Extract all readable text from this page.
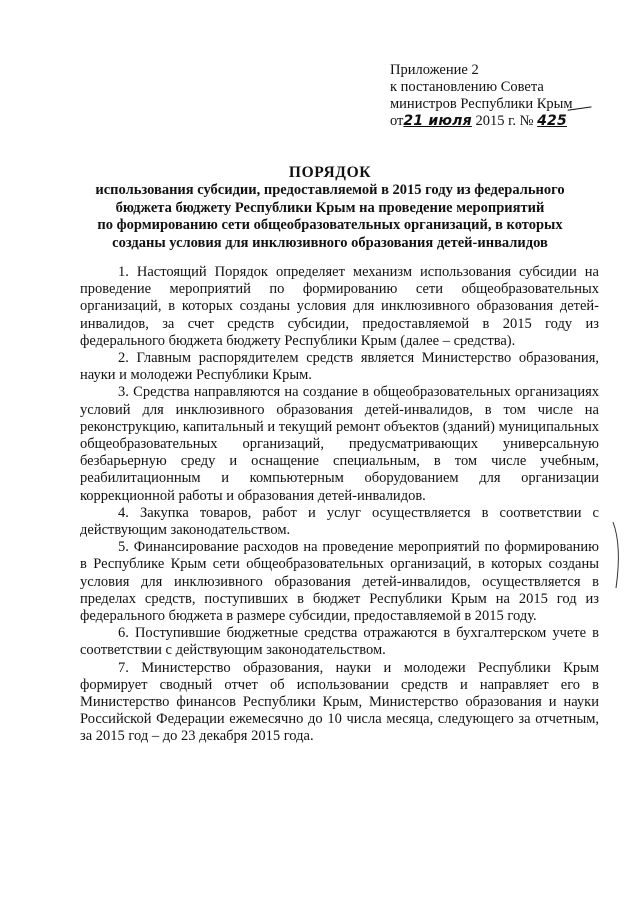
Приложение 2
к постановлению Совета
министров Республики Крым
от21 июля 2015 г. № 425
ПОРЯДОК
использования субсидии, предоставляемой в 2015 году из федерального
бюджета бюджету Республики Крым на проведение мероприятий
по формированию сети общеобразовательных организаций, в которых
созданы условия для инклюзивного образования детей-инвалидов

1. Настоящий Порядок определяет механизм использования субсидии на проведение мероприятий по формированию сети общеобразовательных организаций, в которых созданы условия для инклюзивного образования детей-инвалидов, за счет средств субсидии, предоставляемой в 2015 году из федерального бюджета бюджету Республики Крым (далее – средства).

2. Главным распорядителем средств является Министерство образования, науки и молодежи Республики Крым.

3. Средства направляются на создание в общеобразовательных организациях условий для инклюзивного образования детей-инвалидов, в том числе на реконструкцию, капитальный и текущий ремонт объектов (зданий) муниципальных общеобразовательных организаций, предусматривающих универсальную безбарьерную среду и оснащение специальным, в том числе учебным, реабилитационным и компьютерным оборудованием для организации коррекционной работы и образования детей-инвалидов.

4. Закупка товаров, работ и услуг осуществляется в соответствии с действующим законодательством.

5. Финансирование расходов на проведение мероприятий по формированию в Республике Крым сети общеобразовательных организаций, в которых созданы условия для инклюзивного образования детей-инвалидов, осуществляется в пределах средств, поступивших в бюджет Республики Крым на 2015 год из федерального бюджета в размере субсидии, предоставляемой в 2015 году.

6. Поступившие бюджетные средства отражаются в бухгалтерском учете в соответствии с действующим законодательством.

7. Министерство образования, науки и молодежи Республики Крым формирует сводный отчет об использовании средств и направляет его в Министерство финансов Республики Крым, Министерство образования и науки Российской Федерации ежемесячно до 10 числа месяца, следующего за отчетным, за 2015 год – до 23 декабря 2015 года.
